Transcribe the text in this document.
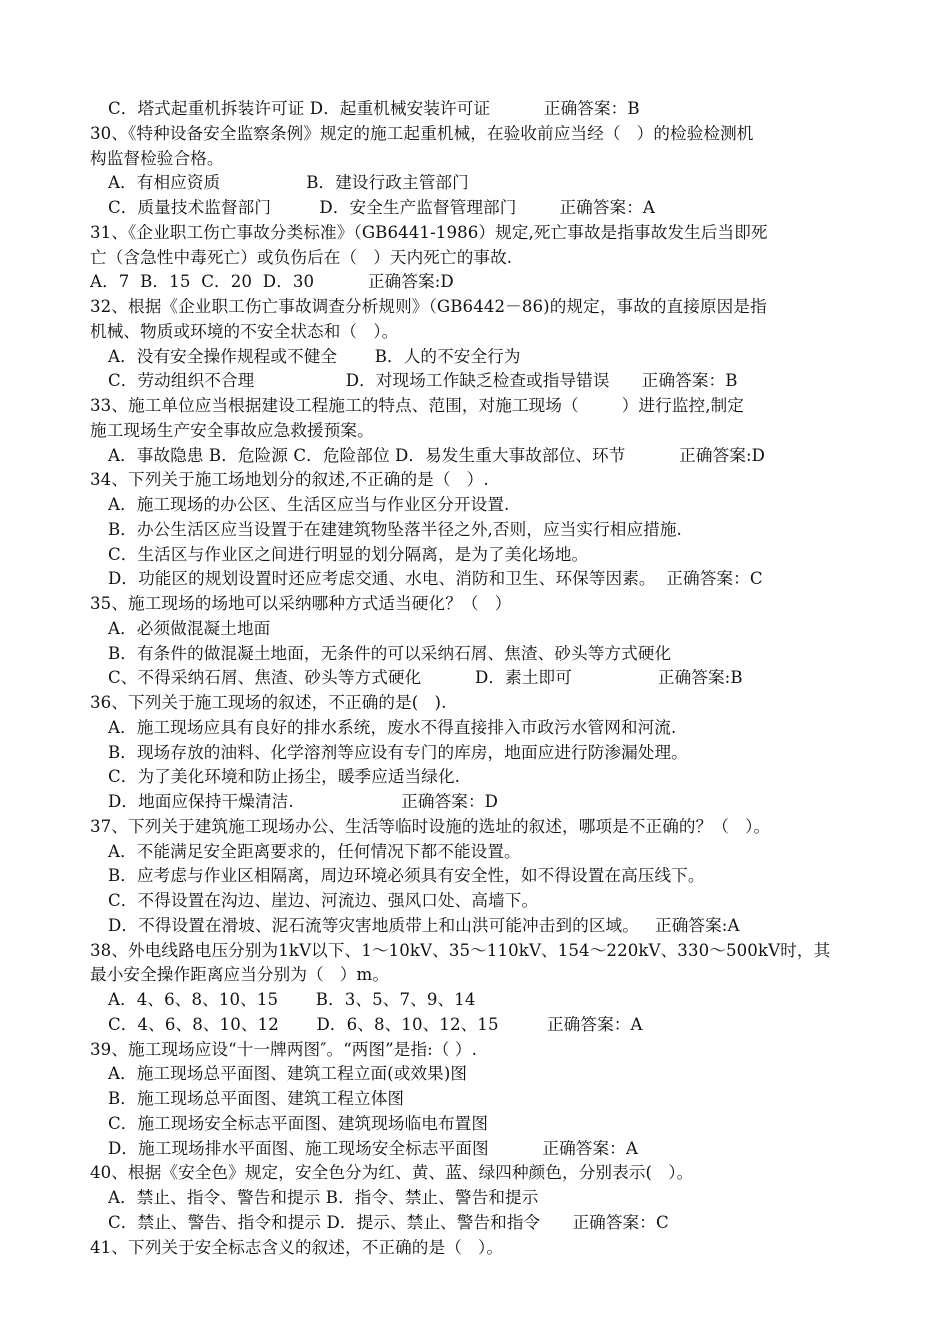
C．塔式起重机拆装许可证 D．起重机械安装许可证          正确答案：B
30、《特种设备安全监察条例》规定的施工起重机械，在验收前应当经（   ）的检验检测机
构监督检验合格。
A．有相应资质                B．建设行政主管部门
C．质量技术监督部门         D．安全生产监督管理部门        正确答案：A
31、《企业职工伤亡事故分类标准》（GB6441-1986）规定,死亡事故是指事故发生后当即死
亡（含急性中毒死亡）或负伤后在（   ）天内死亡的事故.
A．7  B．15  C．20  D．30          正确答案:D
32、根据《企业职工伤亡事故调查分析规则》（GB6442－86)的规定，事故的直接原因是指
机械、物质或环境的不安全状态和（   ）。
A．没有安全操作规程或不健全       B．人的不安全行为
C．劳动组织不合理                 D．对现场工作缺乏检查或指导错误      正确答案：B
33、施工单位应当根据建设工程施工的特点、范围，对施工现场（        ）进行监控,制定
施工现场生产安全事故应急救援预案。
A．事故隐患 B．危险源 C．危险部位 D．易发生重大事故部位、环节          正确答案:D
34、下列关于施工场地划分的叙述,不正确的是（   ）.
A．施工现场的办公区、生活区应当与作业区分开设置.
B．办公生活区应当设置于在建建筑物坠落半径之外,否则，应当实行相应措施.
C．生活区与作业区之间进行明显的划分隔离，是为了美化场地。
D．功能区的规划设置时还应考虑交通、水电、消防和卫生、环保等因素。  正确答案：C
35、施工现场的场地可以采纳哪种方式适当硬化？（   ）
A．必须做混凝土地面
B．有条件的做混凝土地面，无条件的可以采纳石屑、焦渣、砂头等方式硬化
C、不得采纳石屑、焦渣、砂头等方式硬化          D．素土即可                正确答案:B
36、下列关于施工现场的叙述，不正确的是(   ).
A．施工现场应具有良好的排水系统，废水不得直接排入市政污水管网和河流.
B．现场存放的油料、化学溶剂等应设有专门的库房，地面应进行防渗漏处理。
C．为了美化环境和防止扬尘，暖季应适当绿化.
D．地面应保持干燥清洁.                    正确答案：D
37、下列关于建筑施工现场办公、生活等临时设施的选址的叙述，哪项是不正确的？（   ）。
A．不能满足安全距离要求的，任何情况下都不能设置。
B．应考虑与作业区相隔离，周边环境必须具有安全性，如不得设置在高压线下。
C．不得设置在沟边、崖边、河流边、强风口处、高墙下。
D．不得设置在滑坡、泥石流等灾害地质带上和山洪可能冲击到的区域。   正确答案:A
38、外电线路电压分别为1kV以下、1～10kV、35～110kV、154～220kV、330～500kV时，其
最小安全操作距离应当分别为（   ）m。
A．4、6、8、10、15       B．3、5、7、9、14
C．4、6、8、10、12       D．6、8、10、12、15         正确答案：A
39、施工现场应设“十一牌两图″。“两图”是指:（ ）.
A．施工现场总平面图、建筑工程立面(或效果)图
B．施工现场总平面图、建筑工程立体图
C．施工现场安全标志平面图、建筑现场临电布置图
D．施工现场排水平面图、施工现场安全标志平面图          正确答案：A
40、根据《安全色》规定，安全色分为红、黄、蓝、绿四种颜色，分别表示(   ）。
A．禁止、指令、警告和提示 B．指令、禁止、警告和提示
C．禁止、警告、指令和提示 D．提示、禁止、警告和指令      正确答案：C
41、下列关于安全标志含义的叙述，不正确的是（   ）。
